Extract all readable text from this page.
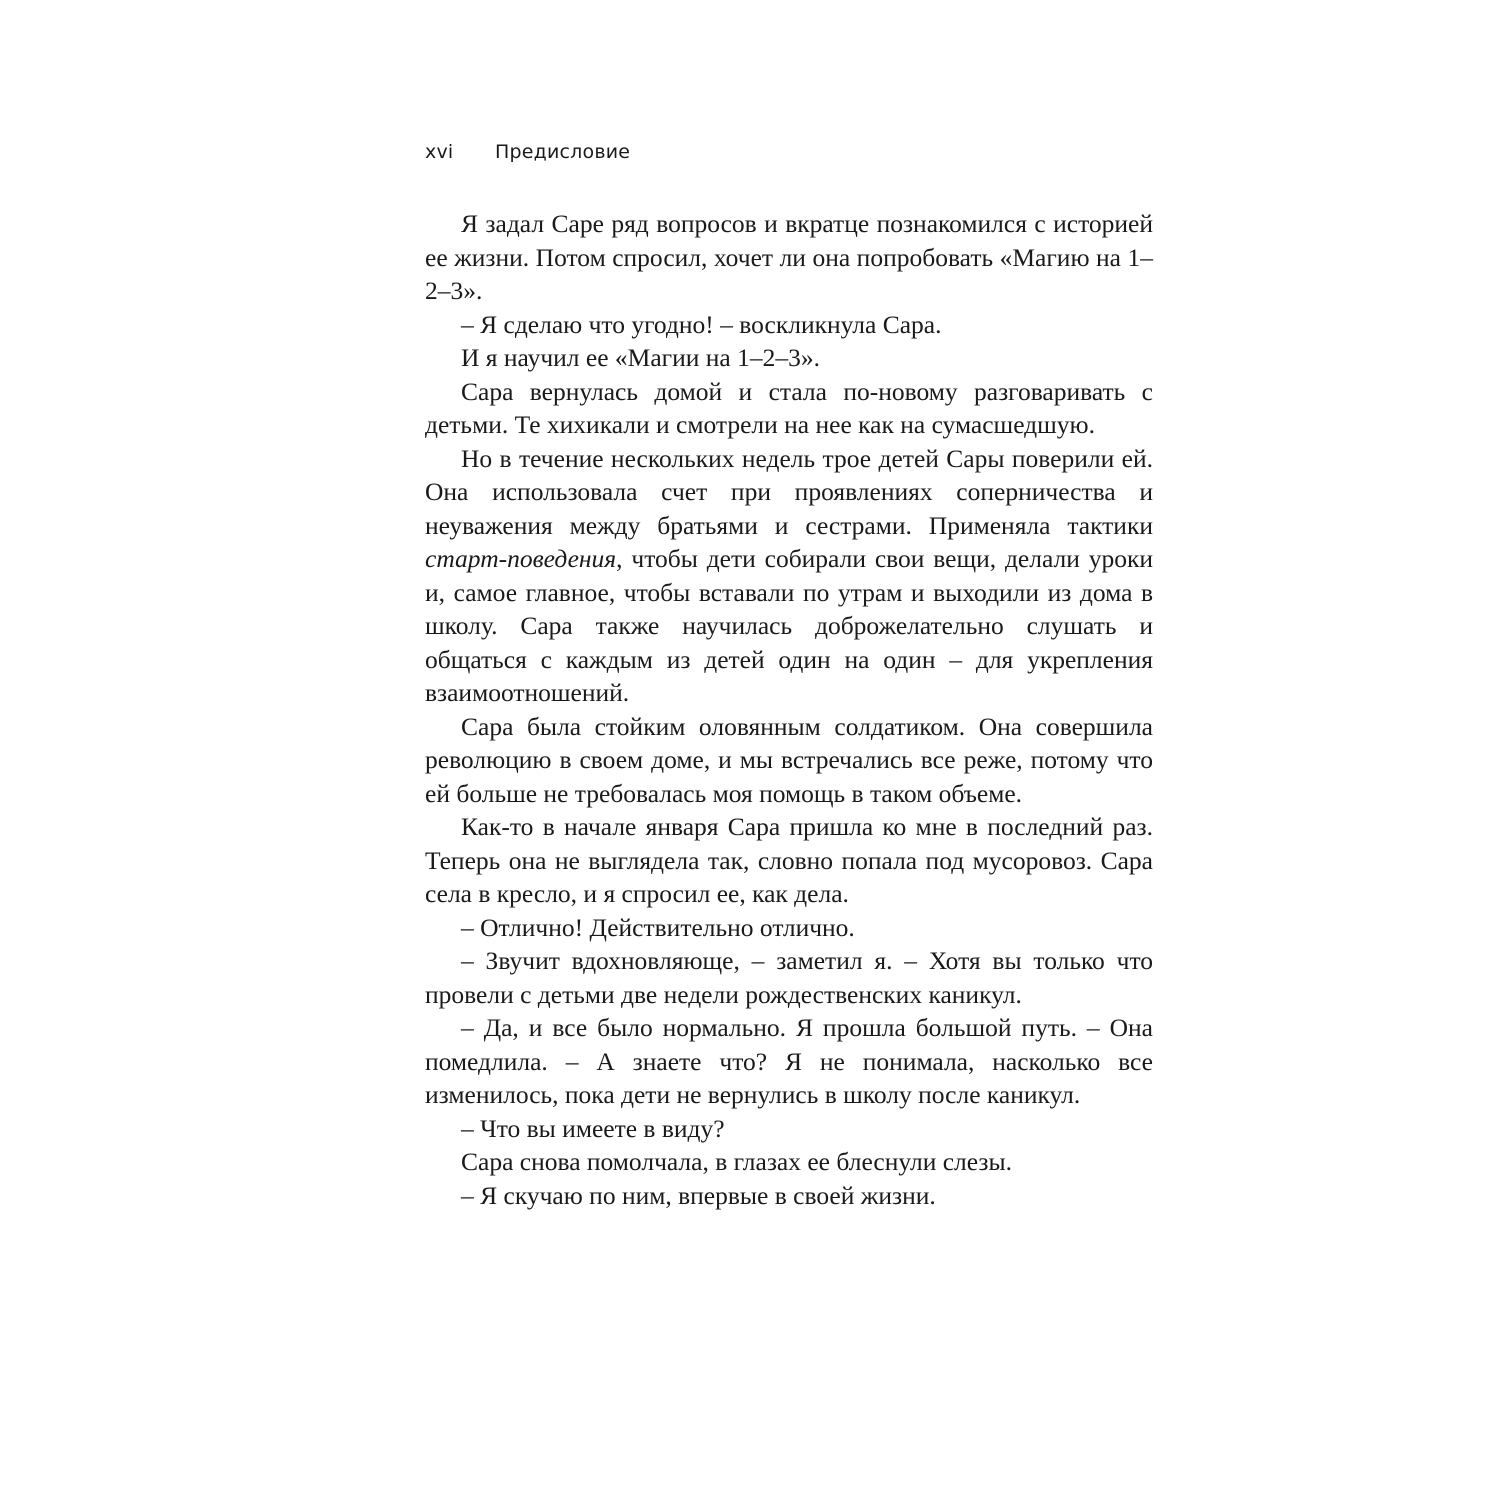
xvi Предисловие

Я задал Саре ряд вопросов и вкратце познакомился с историей ее жизни. Потом спросил, хочет ли она попробовать «Магию на 1–2–3».

– Я сделаю что угодно! – воскликнула Сара.

И я научил ее «Магии на 1–2–3».

Сара вернулась домой и стала по-новому разговаривать с детьми. Те хихикали и смотрели на нее как на сумасшедшую.

Но в течение нескольких недель трое детей Сары поверили ей. Она использовала счет при проявлениях соперничества и неуважения между братьями и сестрами. Применяла тактики старт-поведения, чтобы дети собирали свои вещи, делали уроки и, самое главное, чтобы вставали по утрам и выходили из дома в школу. Сара также научилась доброжелательно слушать и общаться с каждым из детей один на один – для укрепления взаимоотношений.

Сара была стойким оловянным солдатиком. Она совершила революцию в своем доме, и мы встречались все реже, потому что ей больше не требовалась моя помощь в таком объеме.

Как-то в начале января Сара пришла ко мне в последний раз. Теперь она не выглядела так, словно попала под мусоровоз. Сара села в кресло, и я спросил ее, как дела.

– Отлично! Действительно отлично.

– Звучит вдохновляюще, – заметил я. – Хотя вы только что провели с детьми две недели рождественских каникул.

– Да, и все было нормально. Я прошла большой путь. – Она помедлила. – А знаете что? Я не понимала, насколько все изменилось, пока дети не вернулись в школу после каникул.

– Что вы имеете в виду?

Сара снова помолчала, в глазах ее блеснули слезы.

– Я скучаю по ним, впервые в своей жизни.
